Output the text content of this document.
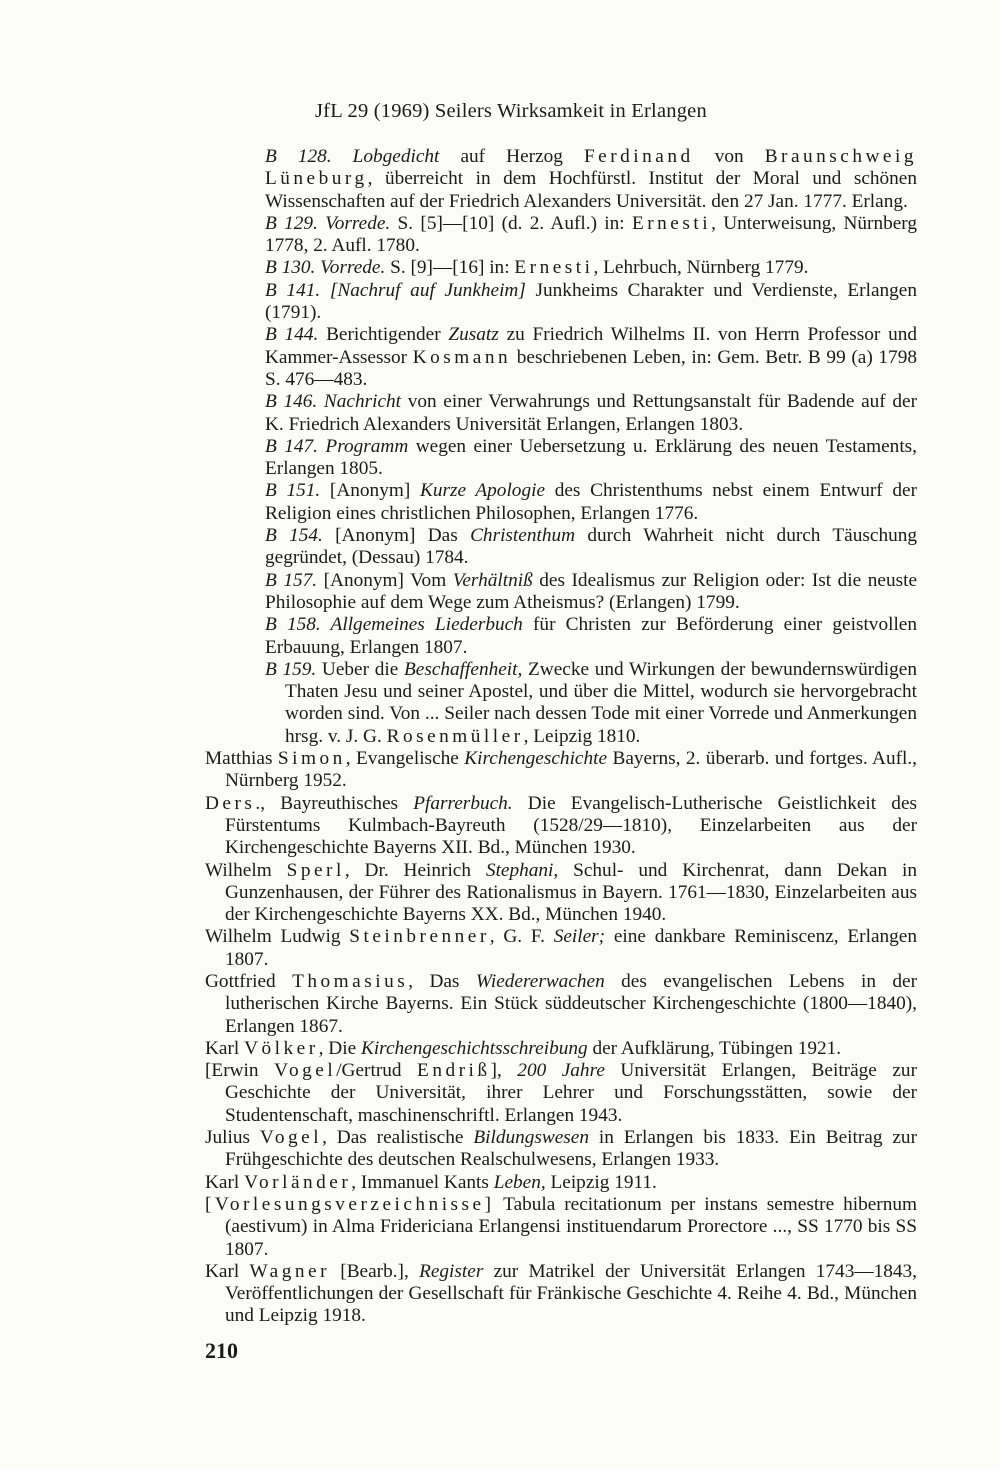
JfL 29 (1969) Seilers Wirksamkeit in Erlangen

B 128. Lobgedicht auf Herzog Ferdinand von Braunschweig Lüneburg, überreicht in dem Hochfürstl. Institut der Moral und schönen Wissenschaften auf der Friedrich Alexanders Universität. den 27 Jan. 1777. Erlang.

B 129. Vorrede. S. [5]—[10] (d. 2. Aufl.) in: Ernesti, Unterweisung, Nürnberg 1778, 2. Aufl. 1780.

B 130. Vorrede. S. [9]—[16] in: Ernesti, Lehrbuch, Nürnberg 1779.

B 141. [Nachruf auf Junkheim] Junkheims Charakter und Verdienste, Erlangen (1791).

B 144. Berichtigender Zusatz zu Friedrich Wilhelms II. von Herrn Professor und Kammer-Assessor Kosmann beschriebenen Leben, in: Gem. Betr. B 99 (a) 1798 S. 476—483.

B 146. Nachricht von einer Verwahrungs und Rettungsanstalt für Badende auf der K. Friedrich Alexanders Universität Erlangen, Erlangen 1803.

B 147. Programm wegen einer Uebersetzung u. Erklärung des neuen Testaments, Erlangen 1805.

B 151. [Anonym] Kurze Apologie des Christenthums nebst einem Entwurf der Religion eines christlichen Philosophen, Erlangen 1776.

B 154. [Anonym] Das Christenthum durch Wahrheit nicht durch Täuschung gegründet, (Dessau) 1784.

B 157. [Anonym] Vom Verhältniß des Idealismus zur Religion oder: Ist die neuste Philosophie auf dem Wege zum Atheismus? (Erlangen) 1799.

B 158. Allgemeines Liederbuch für Christen zur Beförderung einer geistvollen Erbauung, Erlangen 1807.

B 159. Ueber die Beschaffenheit, Zwecke und Wirkungen der bewundernswürdigen Thaten Jesu und seiner Apostel, und über die Mittel, wodurch sie hervorgebracht worden sind. Von ... Seiler nach dessen Tode mit einer Vorrede und Anmerkungen hrsg. v. J. G. Rosenmüller, Leipzig 1810.

Matthias Simon, Evangelische Kirchengeschichte Bayerns, 2. überarb. und fortges. Aufl., Nürnberg 1952.

Ders., Bayreuthisches Pfarrerbuch. Die Evangelisch-Lutherische Geistlichkeit des Fürstentums Kulmbach-Bayreuth (1528/29—1810), Einzelarbeiten aus der Kirchengeschichte Bayerns XII. Bd., München 1930.

Wilhelm Sperl, Dr. Heinrich Stephani, Schul- und Kirchenrat, dann Dekan in Gunzenhausen, der Führer des Rationalismus in Bayern. 1761—1830, Einzelarbeiten aus der Kirchengeschichte Bayerns XX. Bd., München 1940.

Wilhelm Ludwig Steinbrenner, G. F. Seiler; eine dankbare Reminiscenz, Erlangen 1807.

Gottfried Thomasius, Das Wiedererwachen des evangelischen Lebens in der lutherischen Kirche Bayerns. Ein Stück süddeutscher Kirchengeschichte (1800—1840), Erlangen 1867.

Karl Völker, Die Kirchengeschichtsschreibung der Aufklärung, Tübingen 1921.

[Erwin Vogel/Gertrud Endriß], 200 Jahre Universität Erlangen, Beiträge zur Geschichte der Universität, ihrer Lehrer und Forschungsstätten, sowie der Studentenschaft, maschinenschriftl. Erlangen 1943.

Julius Vogel, Das realistische Bildungswesen in Erlangen bis 1833. Ein Beitrag zur Frühgeschichte des deutschen Realschulwesens, Erlangen 1933.

Karl Vorländer, Immanuel Kants Leben, Leipzig 1911.

[Vorlesungsverzeichnisse] Tabula recitationum per instans semestre hibernum (aestivum) in Alma Fridericiana Erlangensi instituendarum Prorectore ..., SS 1770 bis SS 1807.

Karl Wagner [Bearb.], Register zur Matrikel der Universität Erlangen 1743—1843, Veröffentlichungen der Gesellschaft für Fränkische Geschichte 4. Reihe 4. Bd., München und Leipzig 1918.

210
